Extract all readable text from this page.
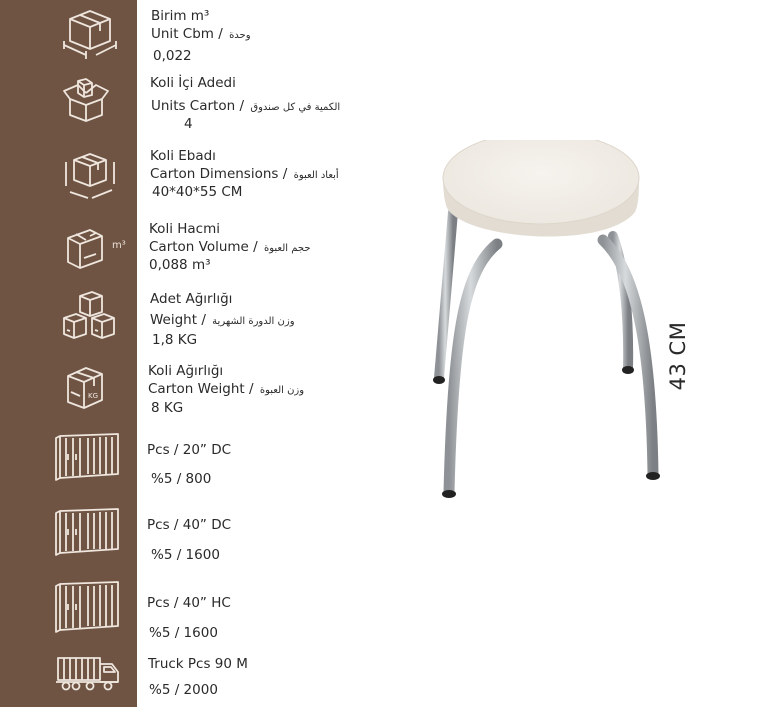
m³
KG
Birim m³
Unit Cbm / وحدة
0,022
Koli İçi Adedi
Units Carton / الكمية في كل صندوق
4
Koli Ebadı
Carton Dimensions / أبعاد العبوة
40*40*55 CM
Koli Hacmi
Carton Volume / حجم العبوة
0,088 m³
Adet Ağırlığı
Weight / وزن الدورة الشهرية
1,8 KG
Koli Ağırlığı
Carton Weight / وزن العبوة
8 KG
Pcs / 20” DC
%5 / 800
Pcs / 40” DC
%5 / 1600
Pcs / 40” HC
%5 / 1600
Truck Pcs 90 M
%5 / 2000
43 CM
